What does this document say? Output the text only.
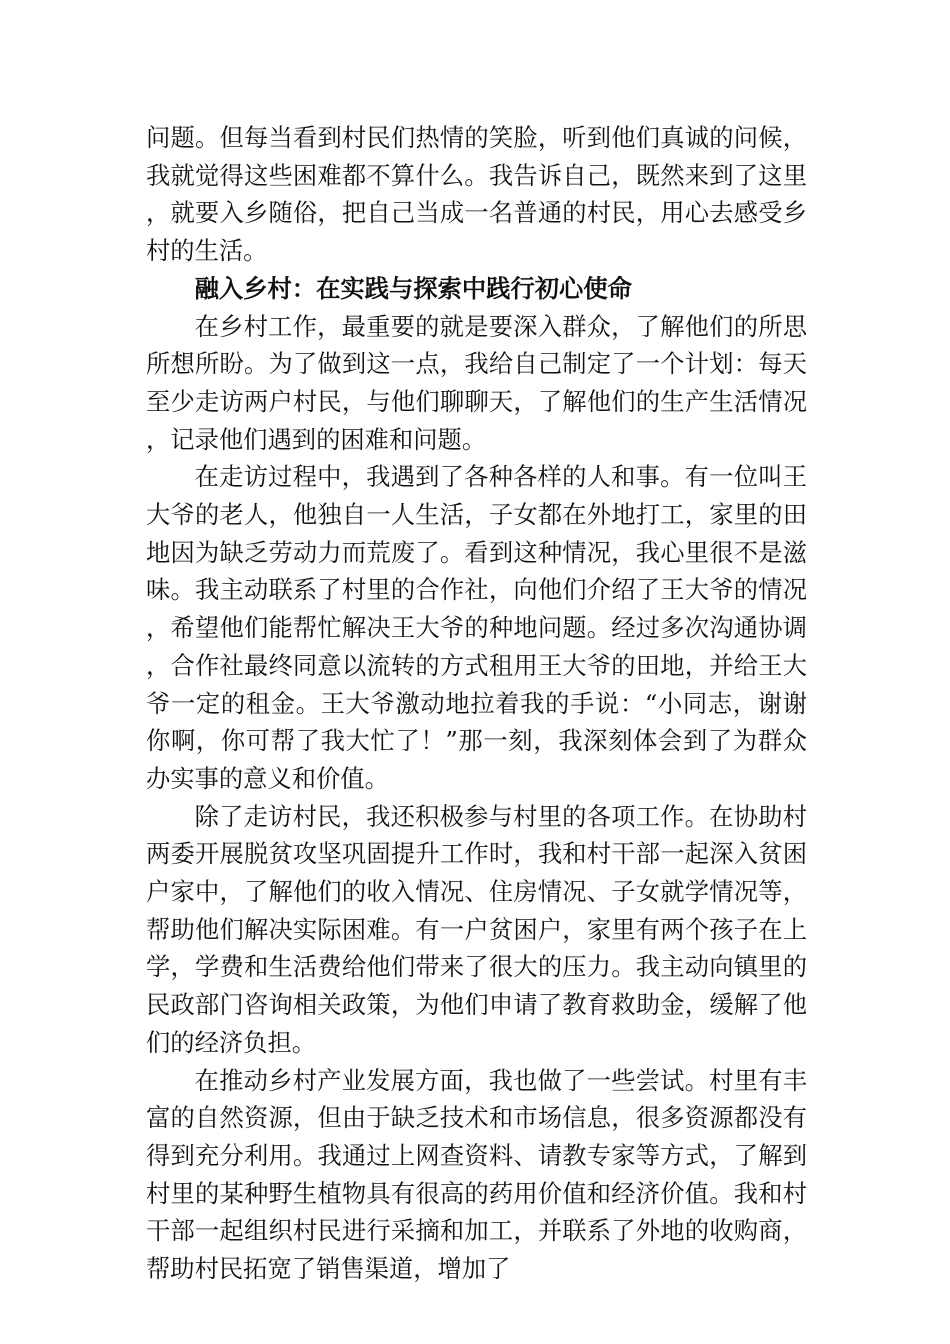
问题。但每当看到村民们热情的笑脸，听到他们真诚的问候，我就觉得这些困难都不算什么。我告诉自己，既然来到了这里，就要入乡随俗，把自己当成一名普通的村民，用心去感受乡村的生活。

融入乡村：在实践与探索中践行初心使命

在乡村工作，最重要的就是要深入群众，了解他们的所思所想所盼。为了做到这一点，我给自己制定了一个计划：每天至少走访两户村民，与他们聊聊天，了解他们的生产生活情况，记录他们遇到的困难和问题。

在走访过程中，我遇到了各种各样的人和事。有一位叫王大爷的老人，他独自一人生活，子女都在外地打工，家里的田地因为缺乏劳动力而荒废了。看到这种情况，我心里很不是滋味。我主动联系了村里的合作社，向他们介绍了王大爷的情况，希望他们能帮忙解决王大爷的种地问题。经过多次沟通协调，合作社最终同意以流转的方式租用王大爷的田地，并给王大爷一定的租金。王大爷激动地拉着我的手说：“小同志，谢谢你啊，你可帮了我大忙了！”那一刻，我深刻体会到了为群众办实事的意义和价值。

除了走访村民，我还积极参与村里的各项工作。在协助村两委开展脱贫攻坚巩固提升工作时，我和村干部一起深入贫困户家中，了解他们的收入情况、住房情况、子女就学情况等，帮助他们解决实际困难。有一户贫困户，家里有两个孩子在上学，学费和生活费给他们带来了很大的压力。我主动向镇里的民政部门咨询相关政策，为他们申请了教育救助金，缓解了他们的经济负担。

在推动乡村产业发展方面，我也做了一些尝试。村里有丰富的自然资源，但由于缺乏技术和市场信息，很多资源都没有得到充分利用。我通过上网查资料、请教专家等方式，了解到村里的某种野生植物具有很高的药用价值和经济价值。我和村干部一起组织村民进行采摘和加工，并联系了外地的收购商，帮助村民拓宽了销售渠道，增加了
